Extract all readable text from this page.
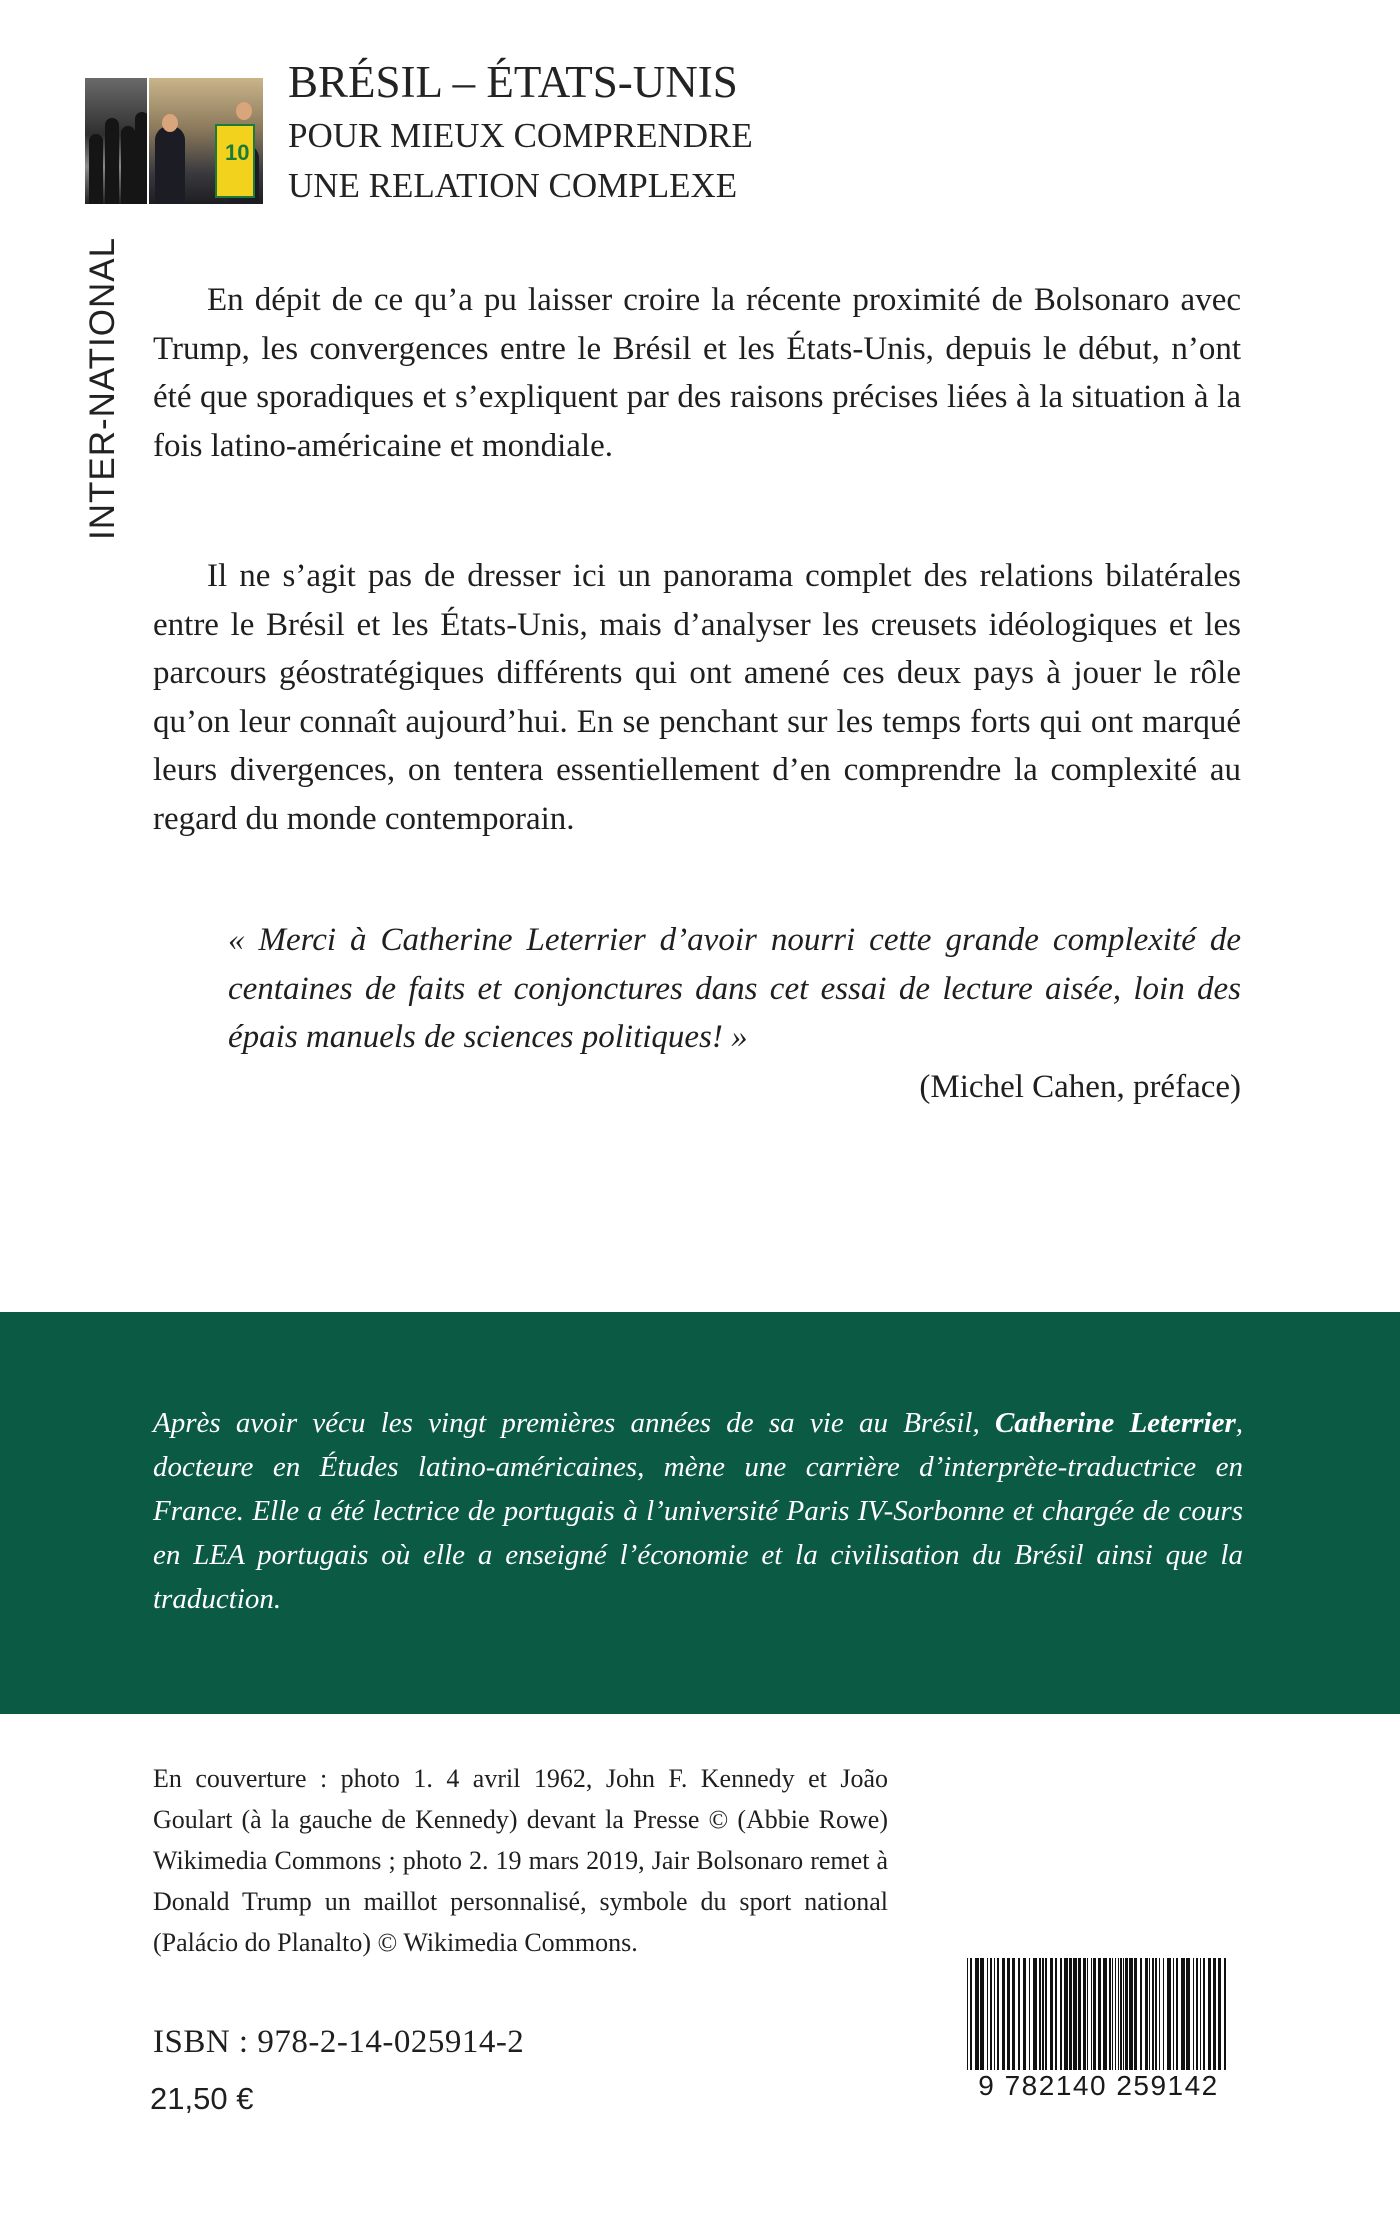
10
INTER-NATIONAL
BRÉSIL – ÉTATS-UNIS
POUR MIEUX COMPRENDRE
UNE RELATION COMPLEXE

En dépit de ce qu’a pu laisser croire la récente proximité de Bolsonaro avec Trump, les convergences entre le Brésil et les États-Unis, depuis le début, n’ont été que sporadiques et s’expliquent par des raisons précises liées à la situation à la fois latino-américaine et mondiale.

Il ne s’agit pas de dresser ici un panorama complet des relations bilatérales entre le Brésil et les États-Unis, mais d’analyser les creusets idéologiques et les parcours géostratégiques différents qui ont amené ces deux pays à jouer le rôle qu’on leur connaît aujourd’hui. En se penchant sur les temps forts qui ont marqué leurs divergences, on tentera essentiellement d’en comprendre la complexité au regard du monde contemporain.

« Merci à Catherine Leterrier d’avoir nourri cette grande complexité de centaines de faits et conjonctures dans cet essai de lecture aisée, loin des épais manuels de sciences politiques! »
(Michel Cahen, préface)

Après avoir vécu les vingt premières années de sa vie au Brésil, Catherine Leterrier, docteure en Études latino-américaines, mène une carrière d’interprète-traductrice en France. Elle a été lectrice de portugais à l’université Paris IV-Sorbonne et chargée de cours en LEA portugais où elle a enseigné l’économie et la civilisation du Brésil ainsi que la traduction.

En couverture : photo 1. 4 avril 1962, John F. Kennedy et João Goulart (à la gauche de Kennedy) devant la Presse © (Abbie Rowe) Wikimedia Commons ; photo 2. 19 mars 2019, Jair Bolsonaro remet à Donald Trump un maillot personnalisé, symbole du sport national (Palácio do Planalto) © Wikimedia Commons.

ISBN : 978-2-14-025914-2
21,50 €	9 782140 259142
